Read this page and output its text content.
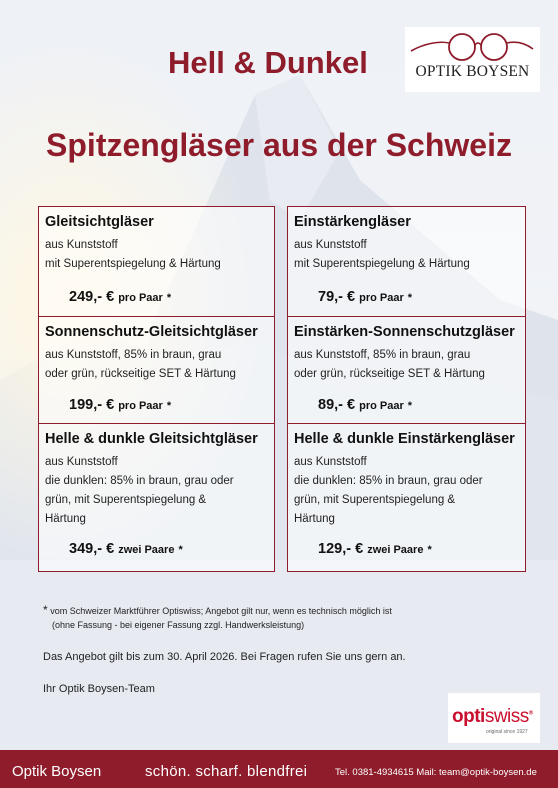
Hell & Dunkel	OPTIK BOYSEN
Spitzengläser aus der Schweiz
Gleitsichtgläser
aus Kunststoff
mit Superentspiegelung & Härtung
249,- € pro Paar *
Einstärkengläser
aus Kunststoff
mit Superentspiegelung & Härtung
79,- € pro Paar *
Sonnenschutz-Gleitsichtgläser
aus Kunststoff, 85% in braun, grau
oder grün, rückseitige SET & Härtung
199,- € pro Paar *
Einstärken-Sonnenschutzgläser
aus Kunststoff, 85% in braun, grau
oder grün, rückseitige SET & Härtung
89,- € pro Paar *
Helle & dunkle Gleitsichtgläser
aus Kunststoff
die dunklen: 85% in braun, grau oder
grün, mit Superentspiegelung &
Härtung
349,- € zwei Paare *
Helle & dunkle Einstärkengläser
aus Kunststoff
die dunklen: 85% in braun, grau oder
grün, mit Superentspiegelung &
Härtung
129,- € zwei Paare *
* vom Schweizer Marktführer Optiswiss; Angebot gilt nur, wenn es technisch möglich ist
(ohne Fassung - bei eigener Fassung zzgl. Handwerksleistung)
Das Angebot gilt bis zum 30. April 2026. Bei Fragen rufen Sie uns gern an.
Ihr Optik Boysen-Team
optiswiss®
original since 1927
Optik Boysen	schön. scharf. blendfrei	Tel. 0381-4934615 Mail: team@optik-boysen.de
